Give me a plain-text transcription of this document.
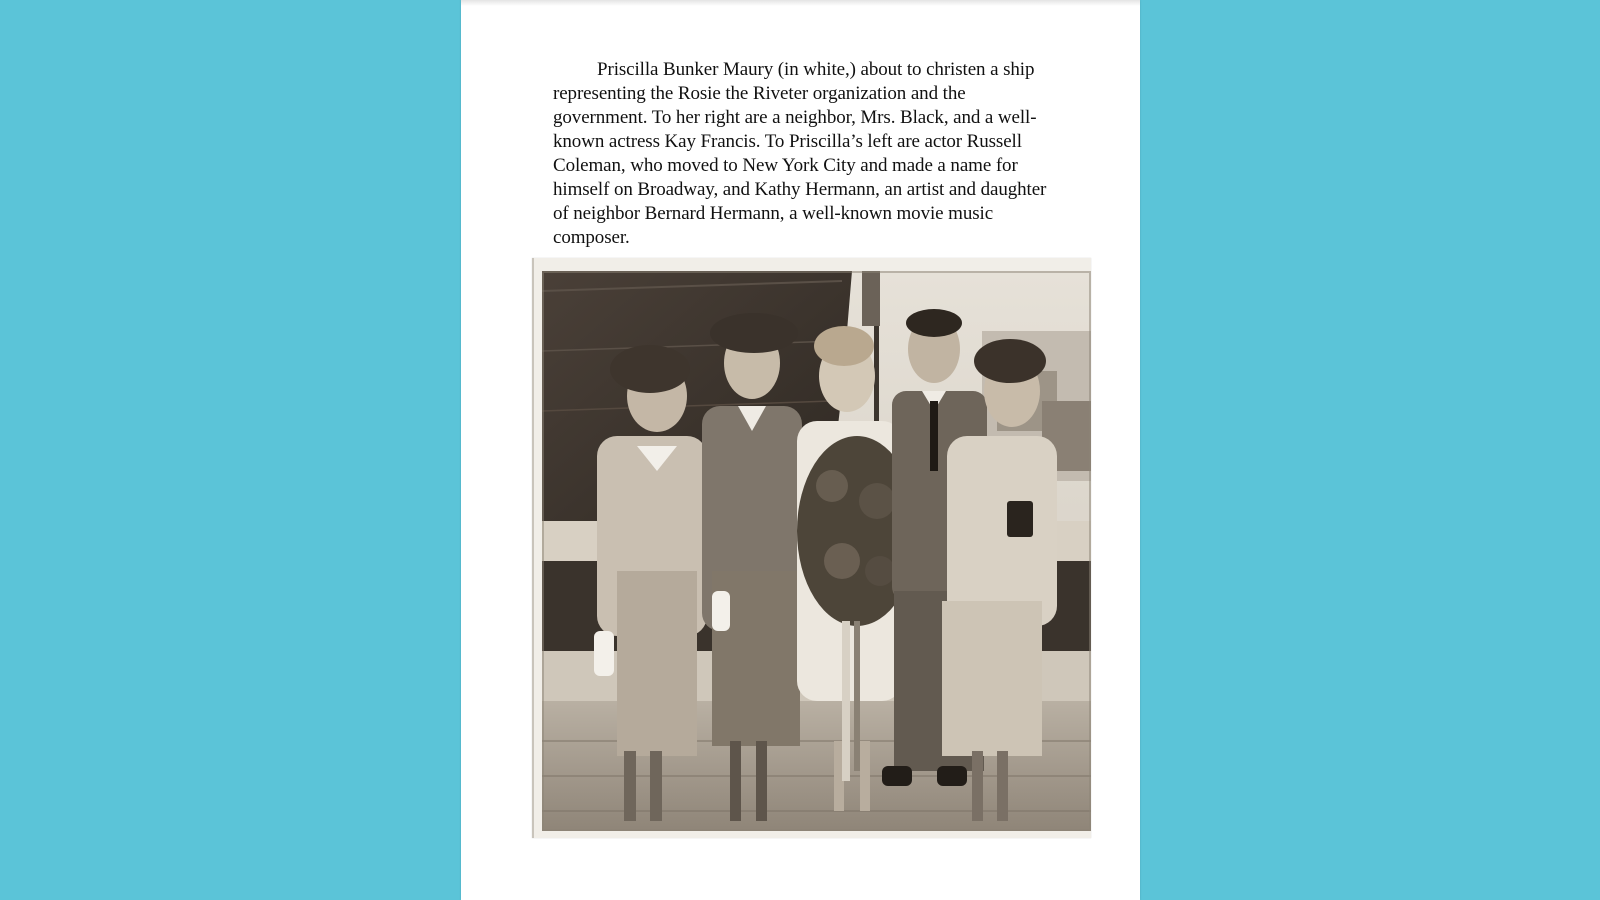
Priscilla Bunker Maury (in white,) about to christen a ship representing the Rosie the Riveter organization and the government. To her right are a neighbor, Mrs. Black, and a well-known actress Kay Francis. To Priscilla’s left are actor Russell Coleman, who moved to New York City and made a name for himself on Broadway, and Kathy Hermann, an artist and daughter of neighbor Bernard Hermann, a well-known movie music composer.
